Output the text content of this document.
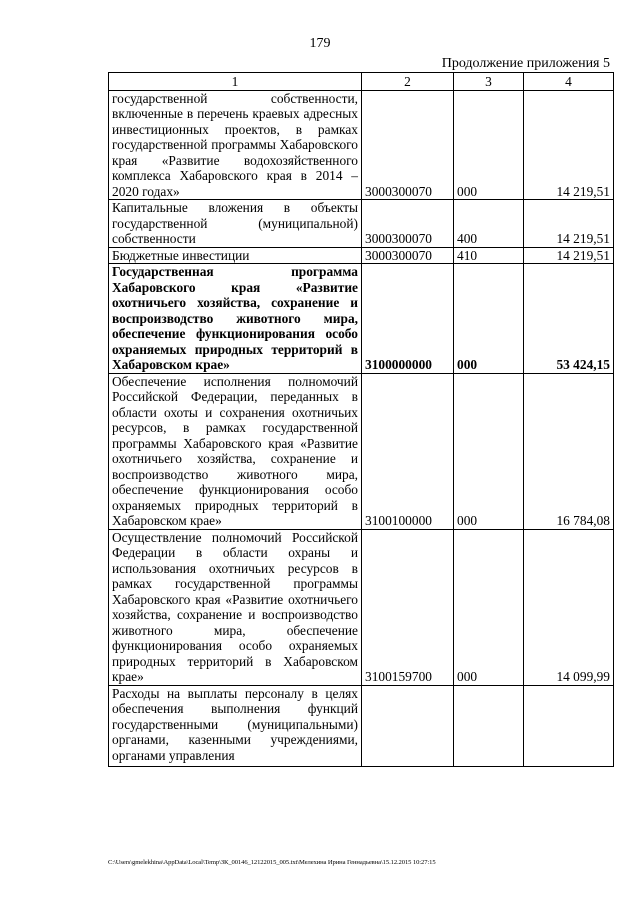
179
Продолжение приложения 5
1	2	3	4
государственной собственности, включенные в перечень краевых адресных инвестиционных проектов, в рамках государственной программы Хабаровского края «Развитие водохозяйственного комплекса Хабаровского края в 2014 – 2020 годах»	3000300070	000	14 219,51
Капитальные вложения в объекты государственной (муниципальной) собственности	3000300070	400	14 219,51
Бюджетные инвестиции	3000300070	410	14 219,51
Государственная программа Хабаровского края «Развитие охотничьего хозяйства, сохранение и воспроизводство животного мира, обеспечение функционирования особо охраняемых природных территорий в Хабаровском крае»	3100000000	000	53 424,15
Обеспечение исполнения полномочий Российской Федерации, переданных в области охоты и сохранения охотничьих ресурсов, в рамках государственной программы Хабаровского края «Развитие охотничьего хозяйства, сохранение и воспроизводство животного мира, обеспечение функционирования особо охраняемых природных территорий в Хабаровском крае»	3100100000	000	16 784,08
Осуществление полномочий Российской Федерации в области охраны и использования охотничьих ресурсов в рамках государственной программы Хабаровского края «Развитие охотничьего хозяйства, сохранение и воспроизводство животного мира, обеспечение функционирования особо охраняемых природных территорий в Хабаровском крае»	3100159700	000	14 099,99
Расходы на выплаты персоналу в целях обеспечения выполнения функций государственными (муниципальными) органами, казенными учреждениями, органами управления			
C:\Users\gmelekhina\AppData\Local\Temp\ЗК_00146_12122015_005.txt\Мелехина Ирина Геннадьевна\15.12.2015 10:27:15
